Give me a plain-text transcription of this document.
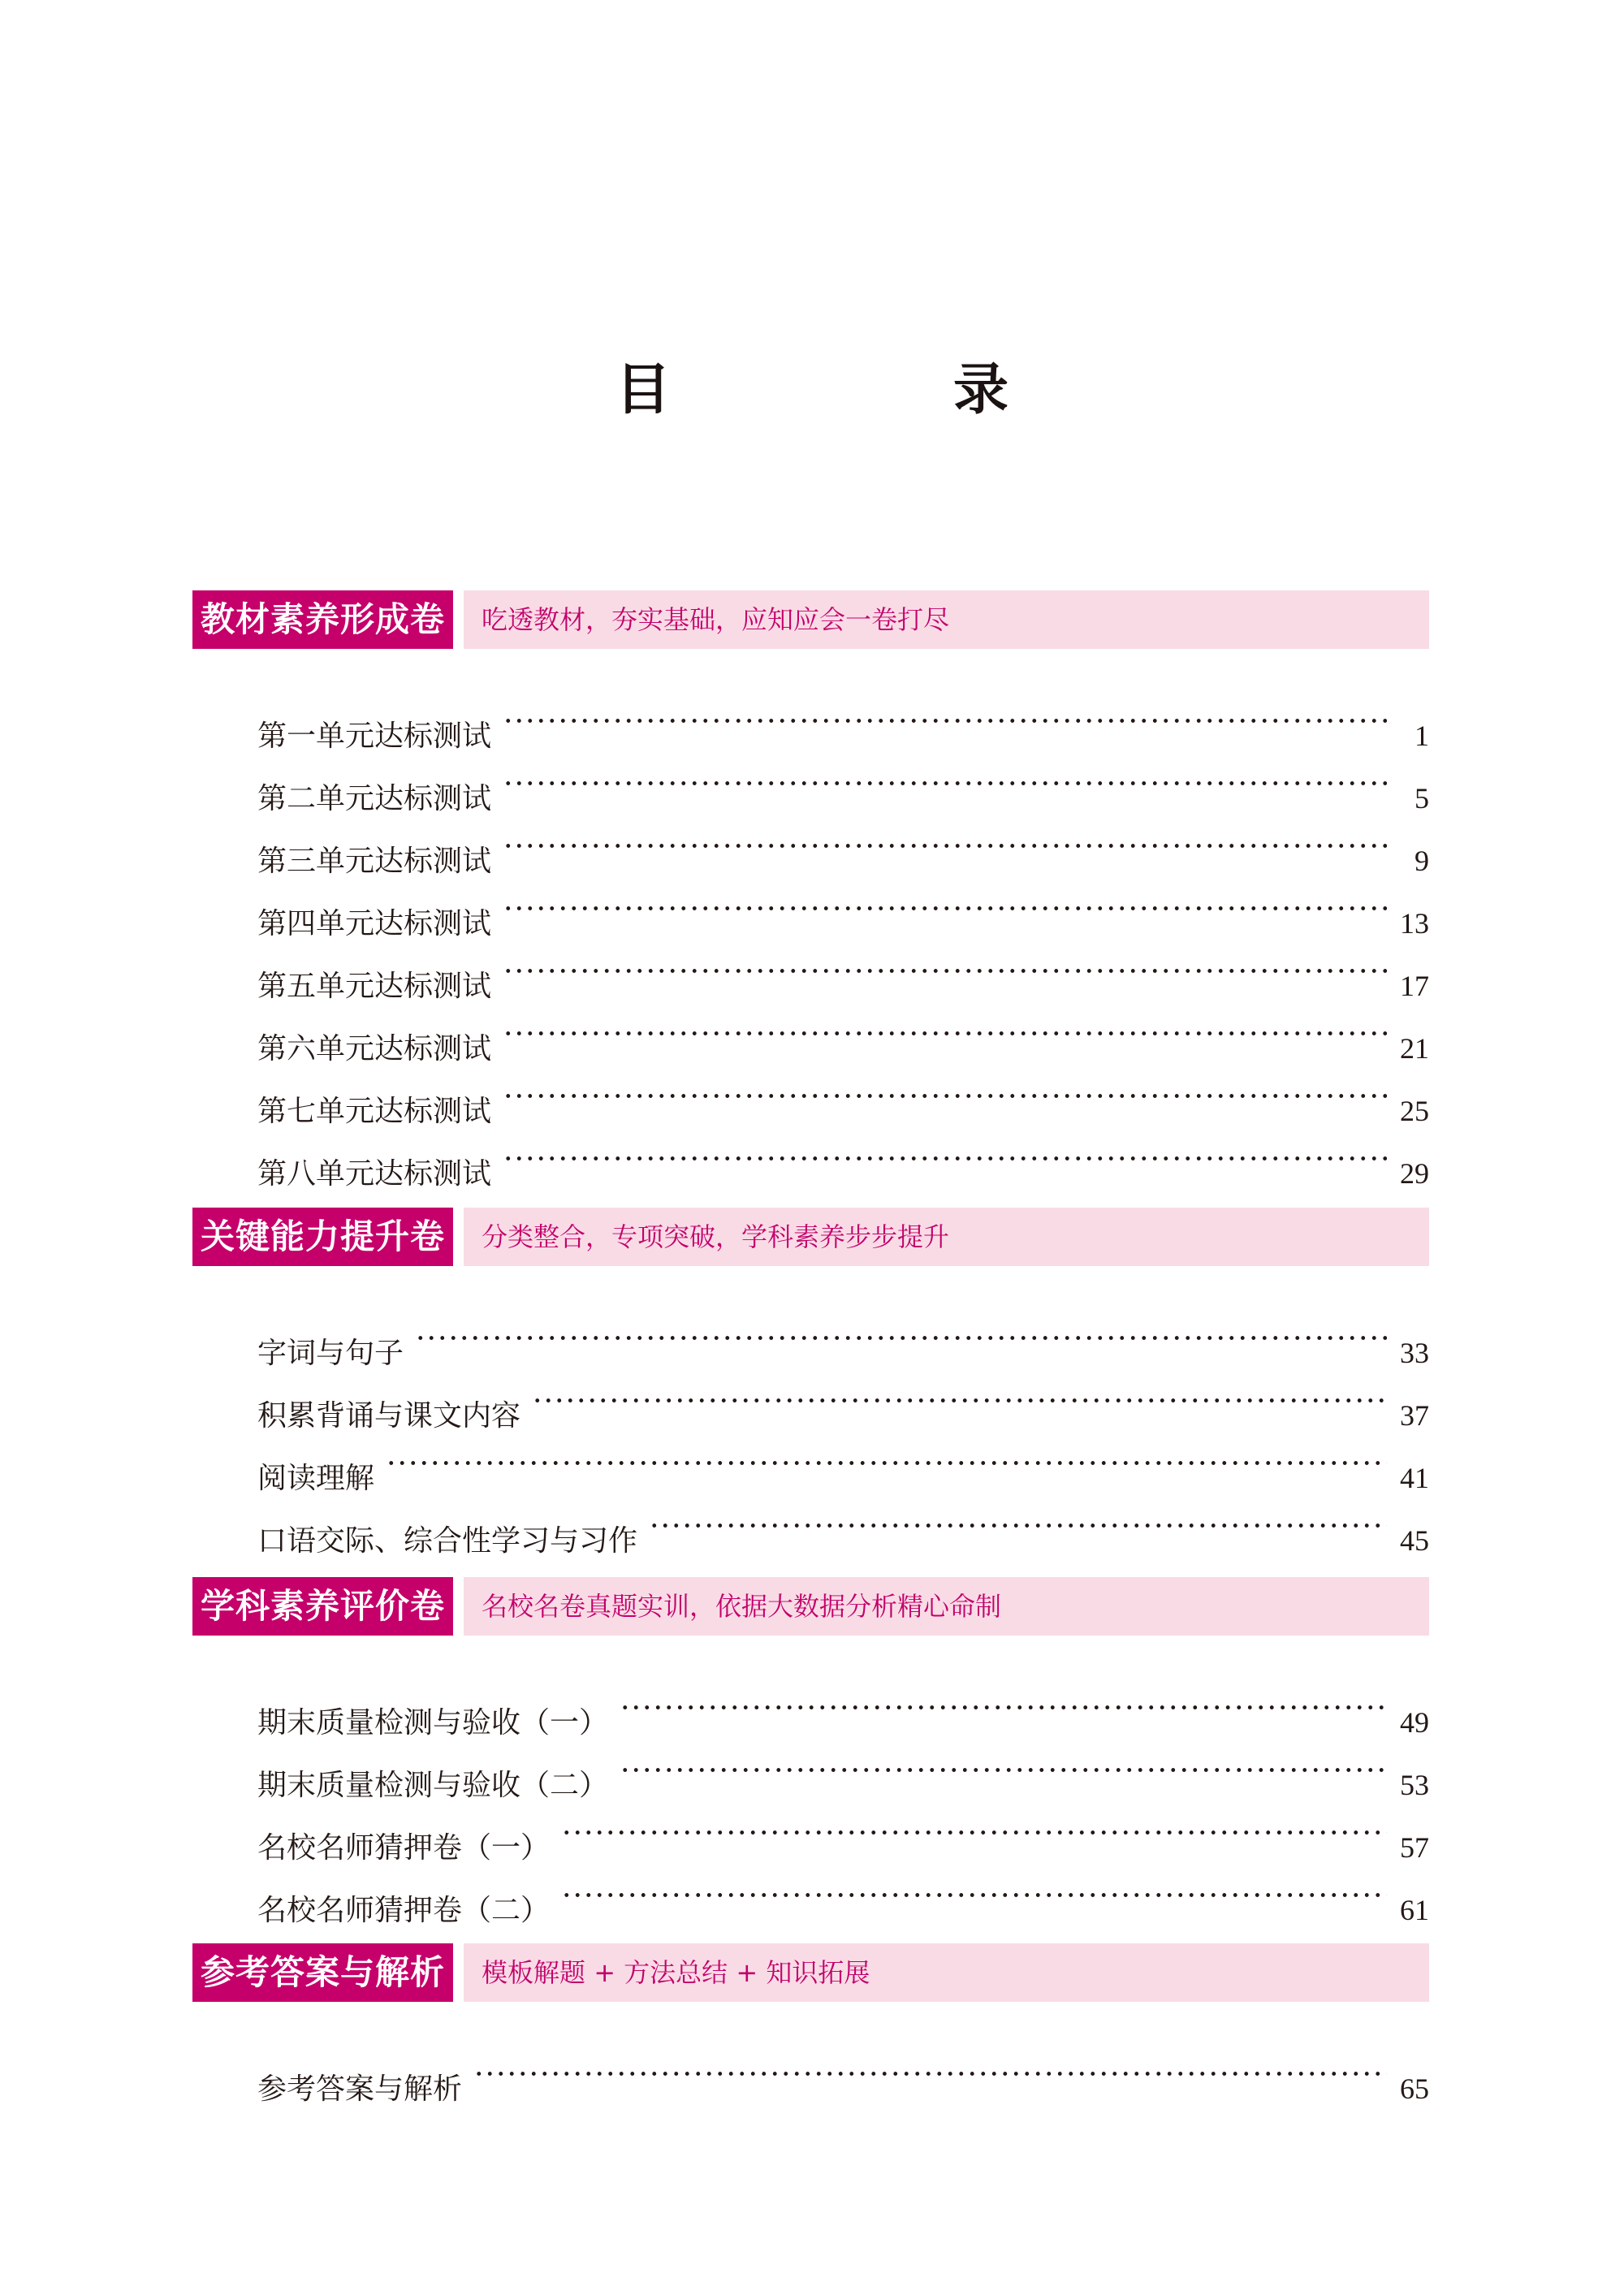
目　录
教材素养形成卷	吃透教材，夯实基础，应知应会一卷打尽
第一单元达标测试	1
第二单元达标测试	5
第三单元达标测试	9
第四单元达标测试	13
第五单元达标测试	17
第六单元达标测试	21
第七单元达标测试	25
第八单元达标测试	29
关键能力提升卷	分类整合，专项突破，学科素养步步提升
字词与句子	33
积累背诵与课文内容	37
阅读理解	41
口语交际、综合性学习与习作	45
学科素养评价卷	名校名卷真题实训，依据大数据分析精心命制
期末质量检测与验收（一）	49
期末质量检测与验收（二）	53
名校名师猜押卷（一）	57
名校名师猜押卷（二）	61
参考答案与解析	模板解题 + 方法总结 + 知识拓展
参考答案与解析	65
